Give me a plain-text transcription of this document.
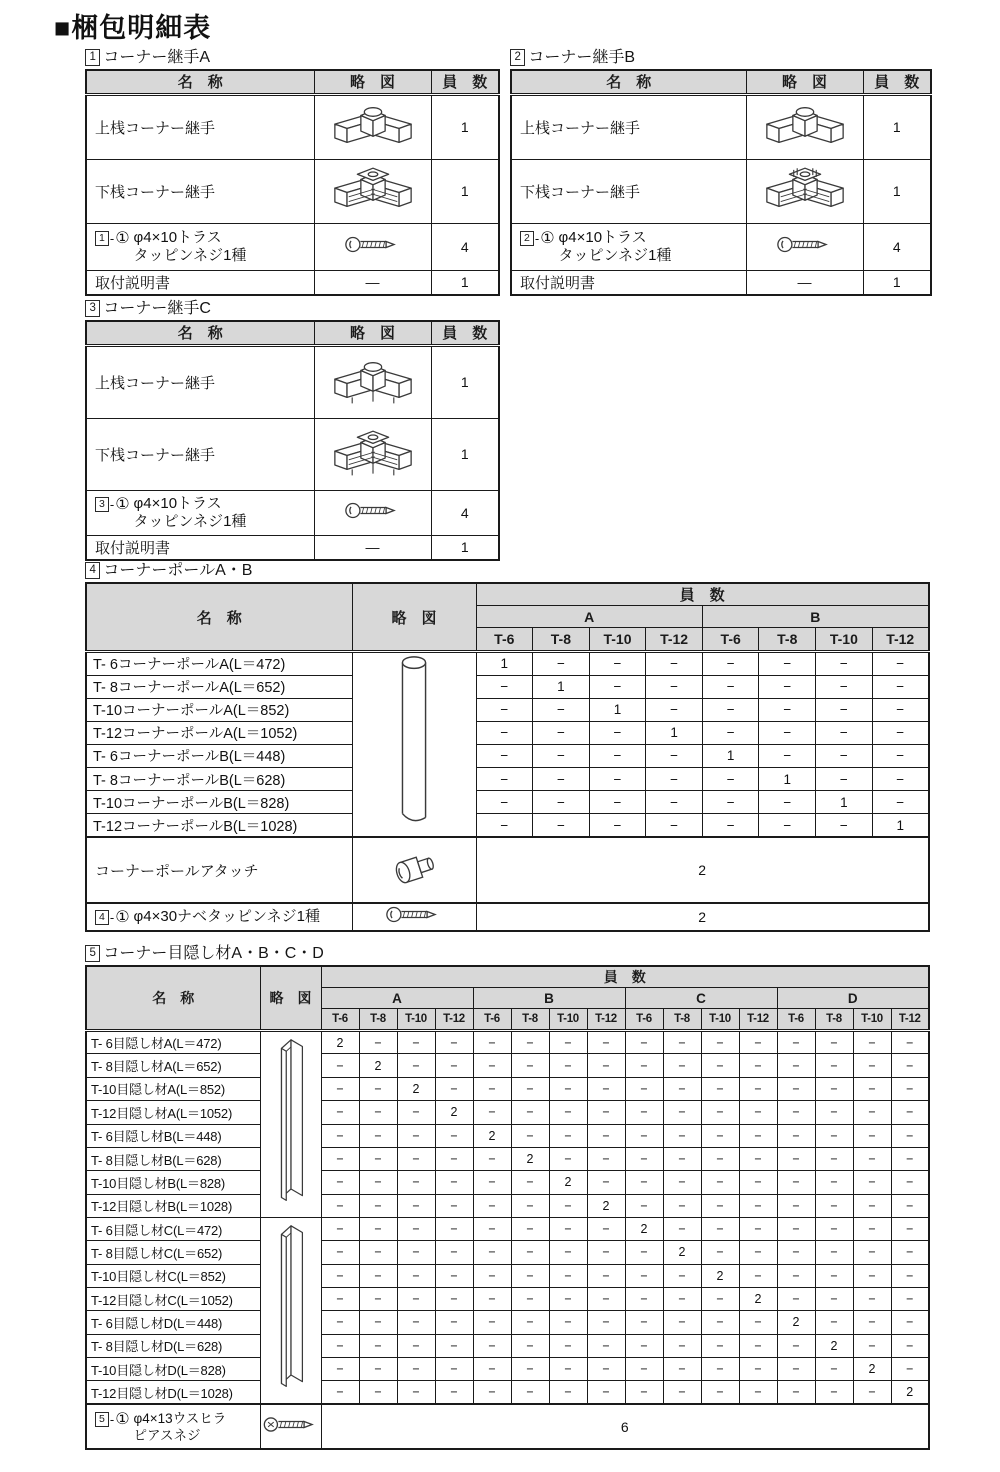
■梱包明細表
1 コーナー継手A
名　称	略　図	員　数
上桟コーナー継手		1
下桟コーナー継手		1

1 - ① φ4×10トラス
タッピンネジ1種		4
取付説明書	—	1
2 コーナー継手B
名　称	略　図	員　数
上桟コーナー継手		1
下桟コーナー継手		1

2 - ① φ4×10トラス
タッピンネジ1種		4
取付説明書	—	1
3 コーナー継手C
名　称	略　図	員　数
上桟コーナー継手		1
下桟コーナー継手		1

3 - ① φ4×10トラス
タッピンネジ1種		4
取付説明書	—	1
4 コーナーポールA・B
名　称	略　図	員　数							
		A				B			
		T-6	T-8	T-10	T-12	T-6	T-8	T-10	T-12
T- 6コーナーポールA(L＝472)		1	−	−	−	−	−	−	−
T- 8コーナーポールA(L＝652)		−	1	−	−	−	−	−	−
T-10コーナーポールA(L＝852)		−	−	1	−	−	−	−	−
T-12コーナーポールA(L＝1052)		−	−	−	1	−	−	−	−
T- 6コーナーポールB(L＝448)		−	−	−	−	1	−	−	−
T- 8コーナーポールB(L＝628)		−	−	−	−	−	1	−	−
T-10コーナーポールB(L＝828)		−	−	−	−	−	−	1	−
T-12コーナーポールB(L＝1028)		−	−	−	−	−	−	−	1
コーナーポールアタッチ		2							

4 - ① φ4×30ナベタッピンネジ1種		2							
5 コーナー目隠し材A・B・C・D
名　称	略　図	員　数															
		A				B				C				D			
		T-6	T-8	T-10	T-12	T-6	T-8	T-10	T-12	T-6	T-8	T-10	T-12	T-6	T-8	T-10	T-12
T- 6目隠し材A(L＝472)		2	−	−	−	−	−	−	−	−	−	−	−	−	−	−	−
T- 8目隠し材A(L＝652)		−	2	−	−	−	−	−	−	−	−	−	−	−	−	−	−
T-10目隠し材A(L＝852)		−	−	2	−	−	−	−	−	−	−	−	−	−	−	−	−
T-12目隠し材A(L＝1052)		−	−	−	2	−	−	−	−	−	−	−	−	−	−	−	−
T- 6目隠し材B(L＝448)		−	−	−	−	2	−	−	−	−	−	−	−	−	−	−	−
T- 8目隠し材B(L＝628)		−	−	−	−	−	2	−	−	−	−	−	−	−	−	−	−
T-10目隠し材B(L＝828)		−	−	−	−	−	−	2	−	−	−	−	−	−	−	−	−
T-12目隠し材B(L＝1028)		−	−	−	−	−	−	−	2	−	−	−	−	−	−	−	−
T- 6目隠し材C(L＝472)		−	−	−	−	−	−	−	−	2	−	−	−	−	−	−	−
T- 8目隠し材C(L＝652)		−	−	−	−	−	−	−	−	−	2	−	−	−	−	−	−
T-10目隠し材C(L＝852)		−	−	−	−	−	−	−	−	−	−	2	−	−	−	−	−
T-12目隠し材C(L＝1052)		−	−	−	−	−	−	−	−	−	−	−	2	−	−	−	−
T- 6目隠し材D(L＝448)		−	−	−	−	−	−	−	−	−	−	−	−	2	−	−	−
T- 8目隠し材D(L＝628)		−	−	−	−	−	−	−	−	−	−	−	−	−	2	−	−
T-10目隠し材D(L＝828)		−	−	−	−	−	−	−	−	−	−	−	−	−	−	2	−
T-12目隠し材D(L＝1028)		−	−	−	−	−	−	−	−	−	−	−	−	−	−	−	2

5 - ① φ4×13ウスヒラ
ピアスネジ		6															
